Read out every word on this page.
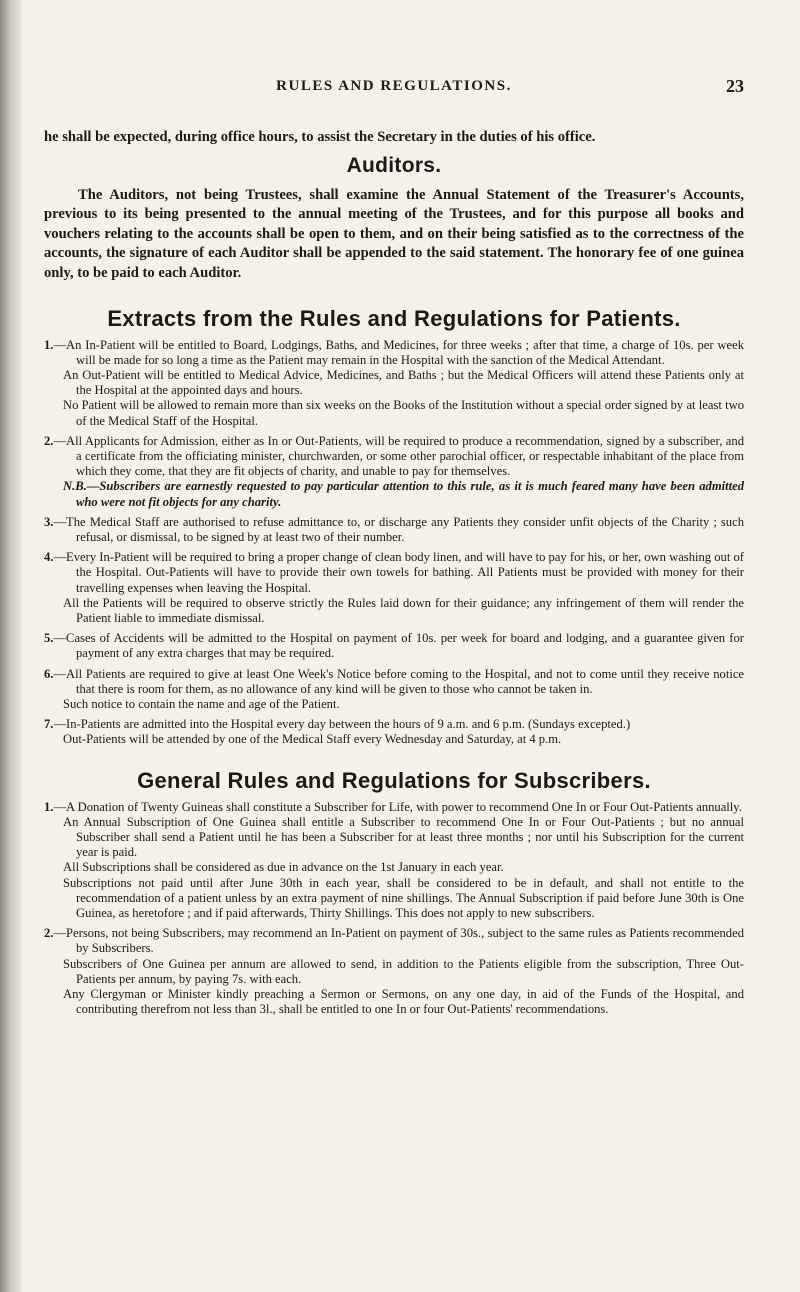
RULES AND REGULATIONS.	23

he shall be expected, during office hours, to assist the Secretary in the duties of his office.

Auditors.

The Auditors, not being Trustees, shall examine the Annual Statement of the Treasurer's Accounts, previous to its being presented to the annual meeting of the Trustees, and for this purpose all books and vouchers relating to the accounts shall be open to them, and on their being satisfied as to the correctness of the accounts, the signature of each Auditor shall be appended to the said statement. The honorary fee of one guinea only, to be paid to each Auditor.

Extracts from the Rules and Regulations for Patients.

1.—An In-Patient will be entitled to Board, Lodgings, Baths, and Medicines, for three weeks ; after that time, a charge of 10s. per week will be made for so long a time as the Patient may remain in the Hospital with the sanction of the Medical Attendant.

An Out-Patient will be entitled to Medical Advice, Medicines, and Baths ; but the Medical Officers will attend these Patients only at the Hospital at the appointed days and hours.

No Patient will be allowed to remain more than six weeks on the Books of the Institution without a special order signed by at least two of the Medical Staff of the Hospital.

2.—All Applicants for Admission, either as In or Out-Patients, will be required to produce a recommendation, signed by a subscriber, and a certificate from the officiating minister, churchwarden, or some other parochial officer, or respectable inhabitant of the place from which they come, that they are fit objects of charity, and unable to pay for themselves.

N.B.—Subscribers are earnestly requested to pay particular attention to this rule, as it is much feared many have been admitted who were not fit objects for any charity.

3.—The Medical Staff are authorised to refuse admittance to, or discharge any Patients they consider unfit objects of the Charity ; such refusal, or dismissal, to be signed by at least two of their number.

4.—Every In-Patient will be required to bring a proper change of clean body linen, and will have to pay for his, or her, own washing out of the Hospital. Out-Patients will have to provide their own towels for bathing. All Patients must be provided with money for their travelling expenses when leaving the Hospital.

All the Patients will be required to observe strictly the Rules laid down for their guidance; any infringement of them will render the Patient liable to immediate dismissal.

5.—Cases of Accidents will be admitted to the Hospital on payment of 10s. per week for board and lodging, and a guarantee given for payment of any extra charges that may be required.

6.—All Patients are required to give at least One Week's Notice before coming to the Hospital, and not to come until they receive notice that there is room for them, as no allowance of any kind will be given to those who cannot be taken in.

Such notice to contain the name and age of the Patient.

7.—In-Patients are admitted into the Hospital every day between the hours of 9 a.m. and 6 p.m. (Sundays excepted.)

Out-Patients will be attended by one of the Medical Staff every Wednesday and Saturday, at 4 p.m.

General Rules and Regulations for Subscribers.

1.—A Donation of Twenty Guineas shall constitute a Subscriber for Life, with power to recommend One In or Four Out-Patients annually.

An Annual Subscription of One Guinea shall entitle a Subscriber to recommend One In or Four Out-Patients ; but no annual Subscriber shall send a Patient until he has been a Subscriber for at least three months ; nor until his Subscription for the current year is paid.

All Subscriptions shall be considered as due in advance on the 1st January in each year.

Subscriptions not paid until after June 30th in each year, shall be considered to be in default, and shall not entitle to the recommendation of a patient unless by an extra payment of nine shillings. The Annual Subscription if paid before June 30th is One Guinea, as heretofore ; and if paid afterwards, Thirty Shillings. This does not apply to new subscribers.

2.—Persons, not being Subscribers, may recommend an In-Patient on payment of 30s., subject to the same rules as Patients recommended by Subscribers.

Subscribers of One Guinea per annum are allowed to send, in addition to the Patients eligible from the subscription, Three Out-Patients per annum, by paying 7s. with each.

Any Clergyman or Minister kindly preaching a Sermon or Sermons, on any one day, in aid of the Funds of the Hospital, and contributing therefrom not less than 3l., shall be entitled to one In or four Out-Patients' recommendations.
